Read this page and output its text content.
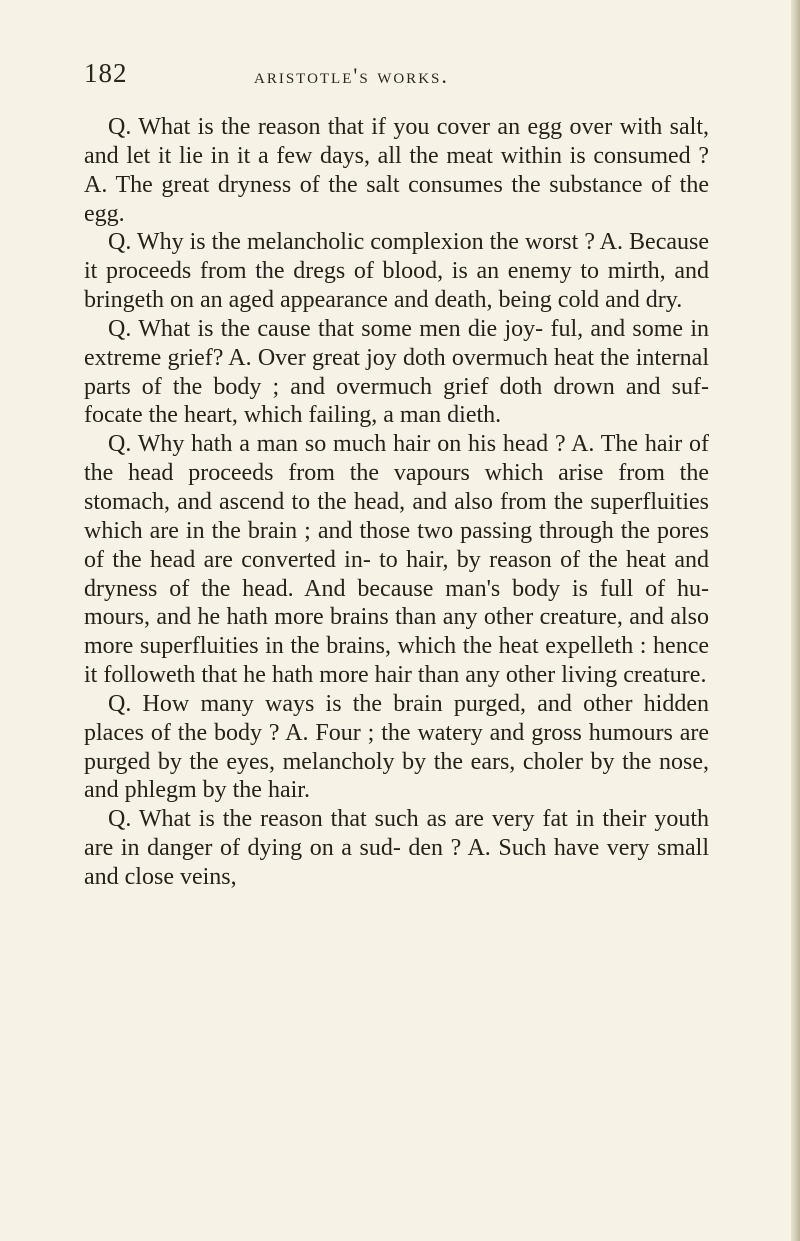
182	aristotle's works.

Q. What is the reason that if you cover an egg over with salt, and let it lie in it a few days, all the meat within is consumed ? A. The great dryness of the salt consumes the substance of the egg.

Q. Why is the melancholic complexion the worst ? A. Because it proceeds from the dregs of blood, is an enemy to mirth, and bringeth on an aged appearance and death, being cold and dry.

Q. What is the cause that some men die joy- ful, and some in extreme grief? A. Over great joy doth overmuch heat the internal parts of the body ; and overmuch grief doth drown and suf- focate the heart, which failing, a man dieth.

Q. Why hath a man so much hair on his head ? A. The hair of the head proceeds from the vapours which arise from the stomach, and ascend to the head, and also from the superfluities which are in the brain ; and those two passing through the pores of the head are converted in- to hair, by reason of the heat and dryness of the head. And because man's body is full of hu- mours, and he hath more brains than any other creature, and also more superfluities in the brains, which the heat expelleth : hence it followeth that he hath more hair than any other living creature.

Q. How many ways is the brain purged, and other hidden places of the body ? A. Four ; the watery and gross humours are purged by the eyes, melancholy by the ears, choler by the nose, and phlegm by the hair.

Q. What is the reason that such as are very fat in their youth are in danger of dying on a sud- den ? A. Such have very small and close veins,
